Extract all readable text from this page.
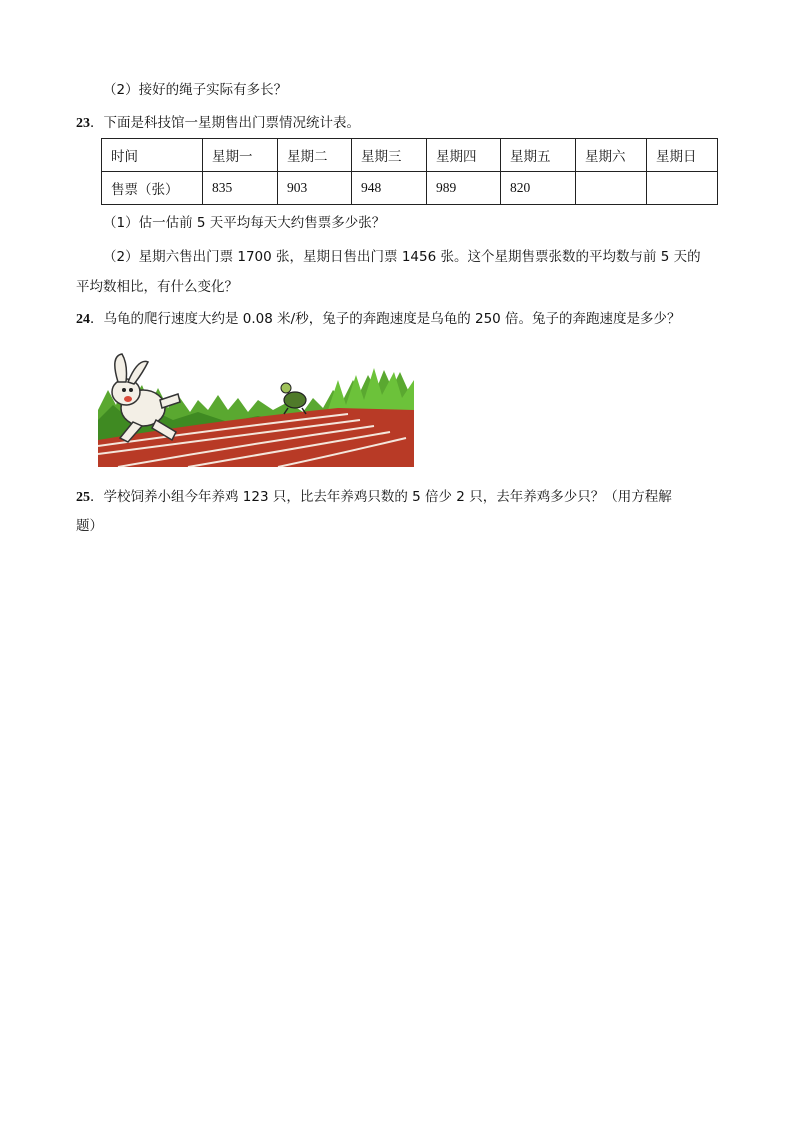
（2）接好的绳子实际有多长？
23．下面是科技馆一星期售出门票情况统计表。
时间	星期一	星期二	星期三	星期四	星期五	星期六	星期日
售票（张）	835	903	948	989	820		
（1）估一估前 5 天平均每天大约售票多少张？
（2）星期六售出门票 1700 张，星期日售出门票 1456 张。这个星期售票张数的平均数与前 5 天的
平均数相比，有什么变化？
24．乌龟的爬行速度大约是 0.08 米/秒，兔子的奔跑速度是乌龟的 250 倍。兔子的奔跑速度是多少？
25．学校饲养小组今年养鸡 123 只，比去年养鸡只数的 5 倍少 2 只，去年养鸡多少只？（用方程解
题）
